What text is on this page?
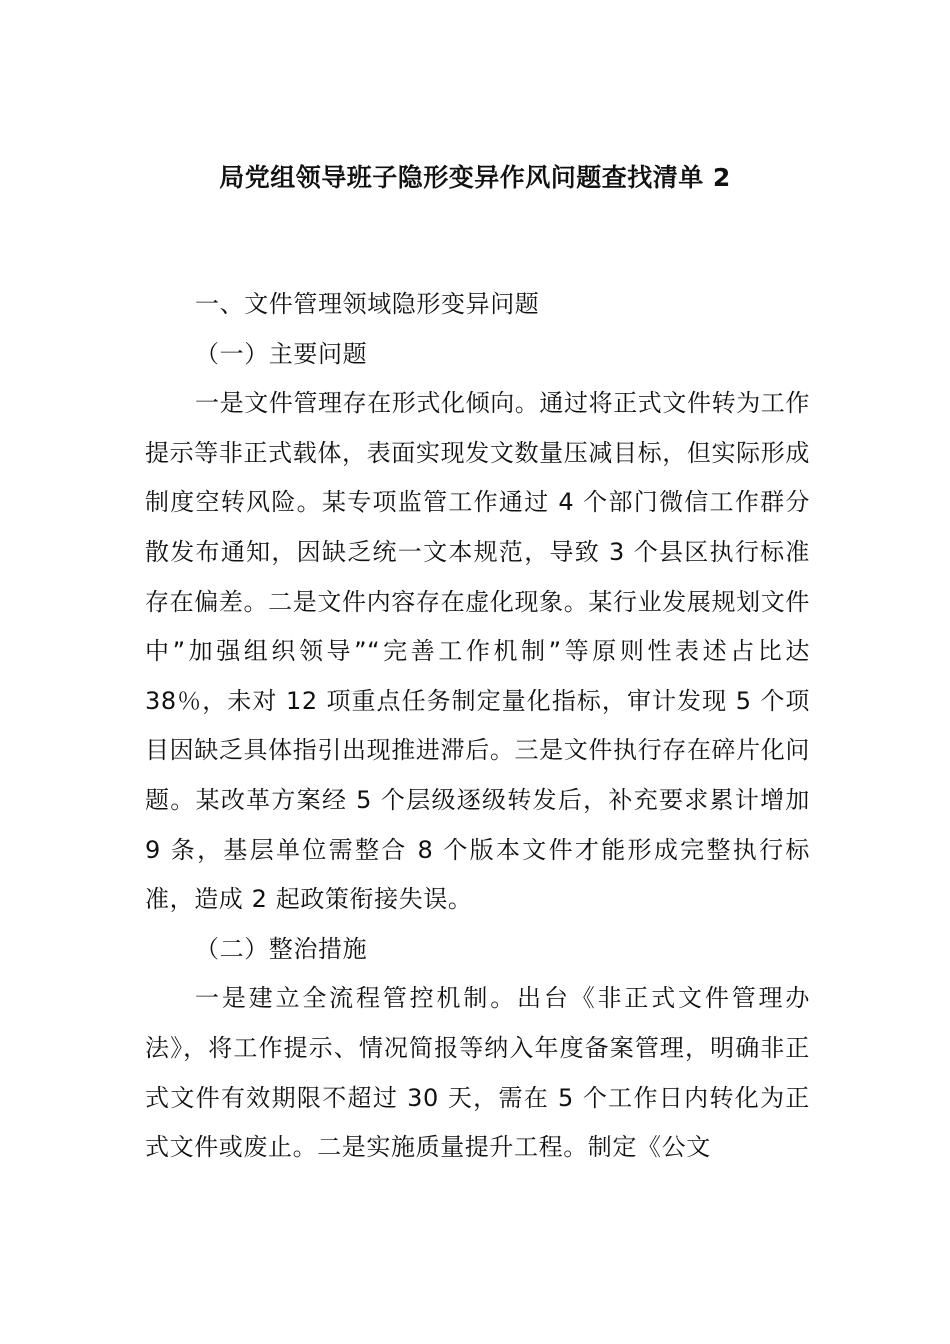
局党组领导班子隐形变异作风问题查找清单 2

一、文件管理领域隐形变异问题

（一）主要问题

一是文件管理存在形式化倾向。通过将正式文件转为工作提示等非正式载体，表面实现发文数量压减目标，但实际形成制度空转风险。某专项监管工作通过 4 个部门微信工作群分散发布通知，因缺乏统一文本规范，导致 3 个县区执行标准存在偏差。二是文件内容存在虚化现象。某行业发展规划文件中”加强组织领导”“完善工作机制”等原则性表述占比达 38％，未对 12 项重点任务制定量化指标，审计发现 5 个项目因缺乏具体指引出现推进滞后。三是文件执行存在碎片化问题。某改革方案经 5 个层级逐级转发后，补充要求累计增加 9 条，基层单位需整合 8 个版本文件才能形成完整执行标准，造成 2 起政策衔接失误。

（二）整治措施

一是建立全流程管控机制。出台《非正式文件管理办法》，将工作提示、情况简报等纳入年度备案管理，明确非正式文件有效期限不超过 30 天，需在 5 个工作日内转化为正式文件或废止。二是实施质量提升工程。制定《公文
